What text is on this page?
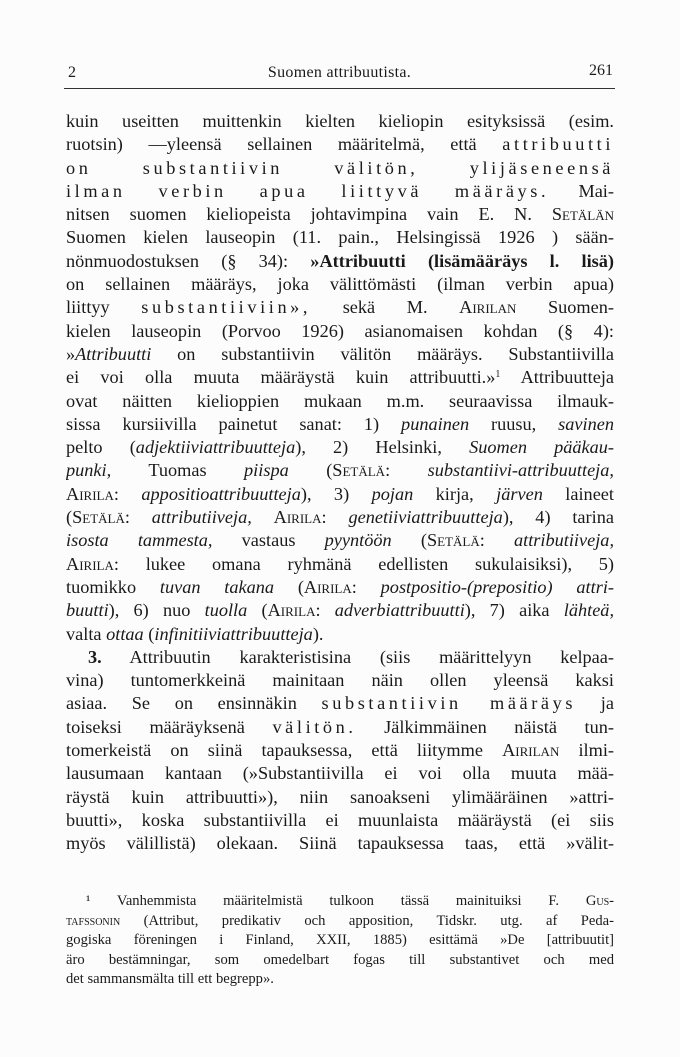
2	Suomen attribuutista.	261
kuin useitten muittenkin kielten kieliopin esityksissä (esim.
ruotsin) —yleensä sellainen määritelmä, että attribuutti
on substantiivin välitön, ylijäseneensä
ilman verbin apua liittyvä määräys. Mai-
nitsen suomen kieliopeista johtavimpina vain E. N. Setälän
Suomen kielen lauseopin (11. pain., Helsingissä 1926 ) sään-
nönmuodostuksen (§ 34): »Attribuutti (lisämääräys l. lisä)
on sellainen määräys, joka välittömästi (ilman verbin apua)
liittyy substantiiviin», sekä M. Airilan Suomen-
kielen lauseopin (Porvoo 1926) asianomaisen kohdan (§ 4):
»Attribuutti on substantiivin välitön määräys. Substantiivilla
ei voi olla muuta määräystä kuin attribuutti.»$^1$ Attribuutteja
ovat näitten kielioppien mukaan m.m. seuraavissa ilmauk-
sissa kursiivilla painetut sanat: 1) punainen ruusu, savinen
pelto (adjektiiviattribuutteja), 2) Helsinki, Suomen pääkau-
punki, Tuomas piispa (Setälä: substantiivi-attribuutteja,
Airila: appositioattribuutteja), 3) pojan kirja, järven laineet
(Setälä: attributiiveja, Airila: genetiiviattribuutteja), 4) tarina
isosta tammesta, vastaus pyyntöön (Setälä: attributiiveja,
Airila: lukee omana ryhmänä edellisten sukulaisiksi), 5)
tuomikko tuvan takana (Airila: postpositio-(prepositio) attri-
buutti), 6) nuo tuolla (Airila: adverbiattribuutti), 7) aika lähteä,
valta ottaa (infinitiiviattribuutteja).
3. Attribuutin karakteristisina (siis määrittelyyn kelpaa-
vina) tuntomerkkeinä mainitaan näin ollen yleensä kaksi
asiaa. Se on ensinnäkin substantiivin määräys ja
toiseksi määräyksenä välitön. Jälkimmäinen näistä tun-
tomerkeistä on siinä tapauksessa, että liitymme Airilan ilmi-
lausumaan kantaan (»Substantiivilla ei voi olla muuta mää-
räystä kuin attribuutti»), niin sanoakseni ylimääräinen »attri-
buutti», koska substantiivilla ei muunlaista määräystä (ei siis
myös välillistä) olekaan. Siinä tapauksessa taas, että »välit-
¹ Vanhemmista määritelmistä tulkoon tässä mainituiksi F. Gus-
tafssonin (Attribut, predikativ och apposition, Tidskr. utg. af Peda-
gogiska föreningen i Finland, XXII, 1885) esittämä »De [attribuutit]
äro bestämningar, som omedelbart fogas till substantivet och med
det sammansmälta till ett begrepp».
